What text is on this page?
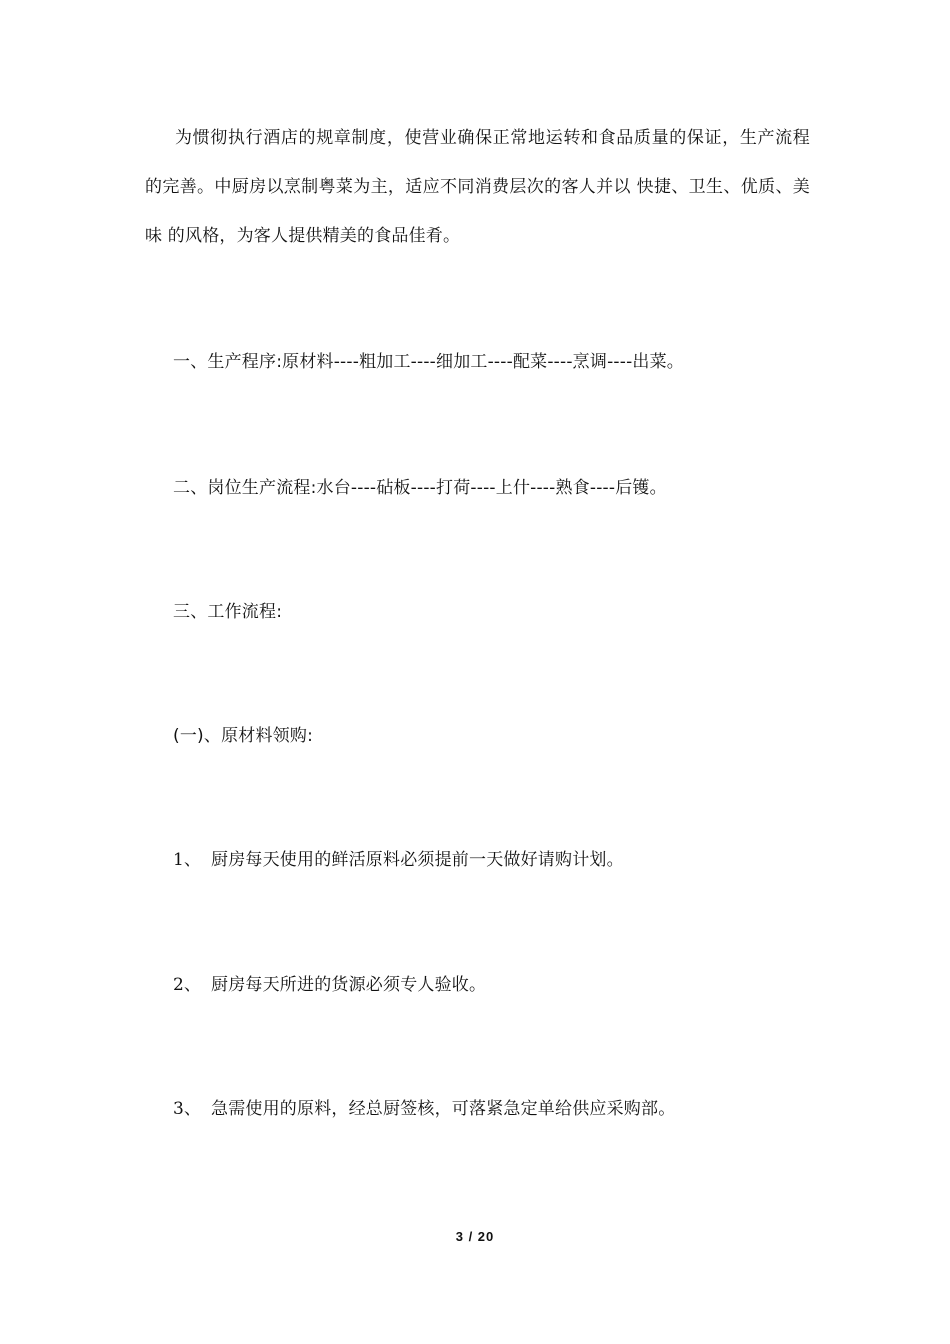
为惯彻执行酒店的规章制度，使营业确保正常地运转和食品质量的保证，生产流程的完善。中厨房以烹制粤菜为主，适应不同消费层次的客人并以 快捷、卫生、优质、美味 的风格，为客人提供精美的食品佳肴。
一、生产程序:原材料----粗加工----细加工----配菜----烹调----出菜。
二、岗位生产流程:水台----砧板----打荷----上什----熟食----后镬。
三、工作流程:
(一)、原材料领购:
1、 厨房每天使用的鲜活原料必须提前一天做好请购计划。
2、 厨房每天所进的货源必须专人验收。
3、 急需使用的原料，经总厨签核，可落紧急定单给供应采购部。
3 / 20
